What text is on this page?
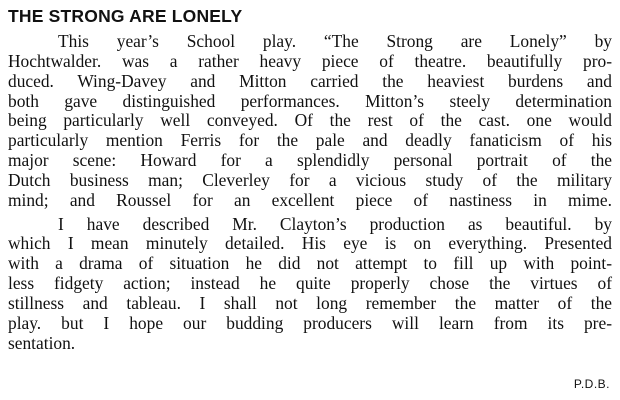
THE STRONG ARE LONELY
This year’s School play. “The Strong are Lonely” by
Hochtwalder. was a rather heavy piece of theatre. beautifully pro-
duced. Wing-Davey and Mitton carried the heaviest burdens and
both gave distinguished performances. Mitton’s steely determination
being particularly well conveyed. Of the rest of the cast. one would
particularly mention Ferris for the pale and deadly fanaticism of his
major scene: Howard for a splendidly personal portrait of the
Dutch business man; Cleverley for a vicious study of the military
mind; and Roussel for an excellent piece of nastiness in mime.
I have described Mr. Clayton’s production as beautiful. by
which I mean minutely detailed. His eye is on everything. Presented
with a drama of situation he did not attempt to fill up with point-
less fidgety action; instead he quite properly chose the virtues of
stillness and tableau. I shall not long remember the matter of the
play. but I hope our budding producers will learn from its pre-
sentation.
P.D.B.
